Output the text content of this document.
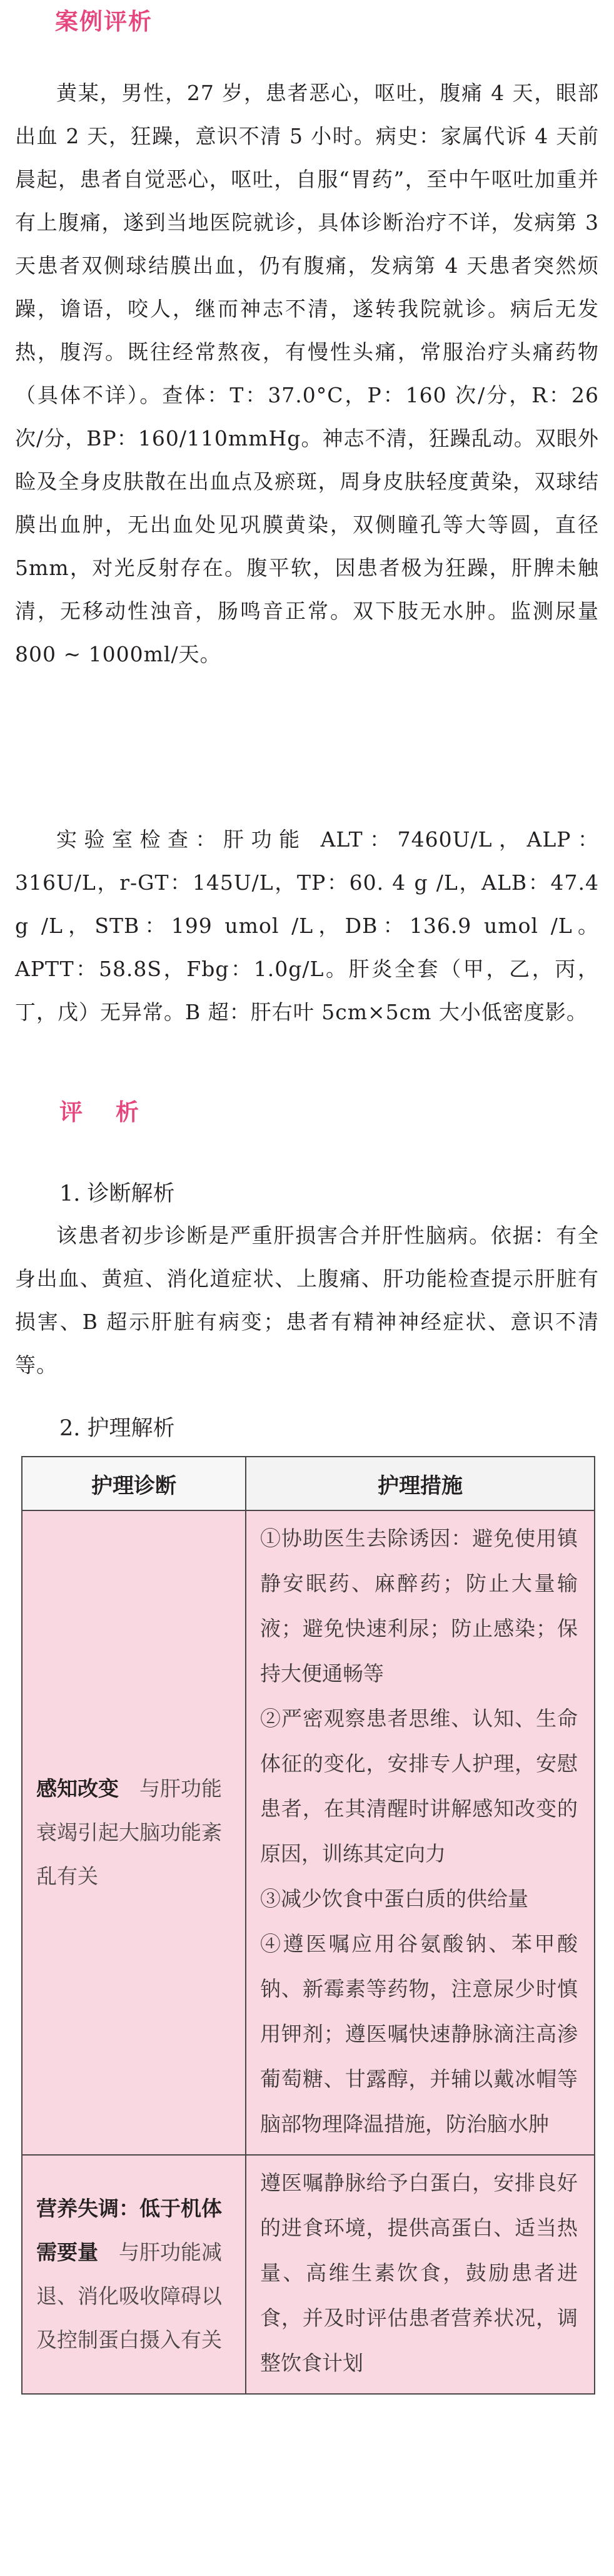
案例评析
黄某，男性，27 岁，患者恶心，呕吐，腹痛 4 天，眼部出血 2 天，狂躁，意识不清 5 小时。病史：家属代诉 4 天前晨起，患者自觉恶心，呕吐，自服“胃药”，至中午呕吐加重并有上腹痛，遂到当地医院就诊，具体诊断治疗不详，发病第 3 天患者双侧球结膜出血，仍有腹痛，发病第 4 天患者突然烦躁，谵语，咬人，继而神志不清，遂转我院就诊。病后无发热，腹泻。既往经常熬夜，有慢性头痛，常服治疗头痛药物（具体不详）。查体：T：37.0°C，P：160 次/分，R：26 次/分，BP：160/110mmHg。神志不清，狂躁乱动。双眼外睑及全身皮肤散在出血点及瘀斑，周身皮肤轻度黄染，双球结膜出血肿，无出血处见巩膜黄染，双侧瞳孔等大等圆，直径 5mm，对光反射存在。腹平软，因患者极为狂躁，肝脾未触清，无移动性浊音，肠鸣音正常。双下肢无水肿。监测尿量 800 ~ 1000ml/天。
实验室检查：肝功能 ALT：7460U/L，ALP：316U/L，r-GT：145U/L，TP：60. 4 g /L，ALB：47.4 g /L，STB：199 umol /L，DB：136.9 umol /L。 APTT：58.8S，Fbg：1.0g/L。肝炎全套（甲，乙，丙，丁，戊）无异常。B 超：肝右叶 5cm×5cm 大小低密度影。
评 析
1. 诊断解析
该患者初步诊断是严重肝损害合并肝性脑病。依据：有全身出血、黄疸、消化道症状、上腹痛、肝功能检查提示肝脏有损害、B 超示肝脏有病变；患者有精神神经症状、意识不清等。
2. 护理解析
护理诊断	护理措施
感知改变　与肝功能衰竭引起大脑功能紊乱有关	①协助医生去除诱因：避免使用镇静安眠药、麻醉药；防止大量输液；避免快速利尿；防止感染；保持大便通畅等

②严密观察患者思维、认知、生命体征的变化，安排专人护理，安慰患者，在其清醒时讲解感知改变的原因，训练其定向力

③减少饮食中蛋白质的供给量

④遵医嘱应用谷氨酸钠、苯甲酸钠、新霉素等药物，注意尿少时慎用钾剂；遵医嘱快速静脉滴注高渗葡萄糖、甘露醇，并辅以戴冰帽等脑部物理降温措施，防治脑水肿

营养失调：低于机体需要量　与肝功能减退、消化吸收障碍以及控制蛋白摄入有关	遵医嘱静脉给予白蛋白，安排良好的进食环境，提供高蛋白、适当热量、高维生素饮食，鼓励患者进食，并及时评估患者营养状况，调整饮食计划
